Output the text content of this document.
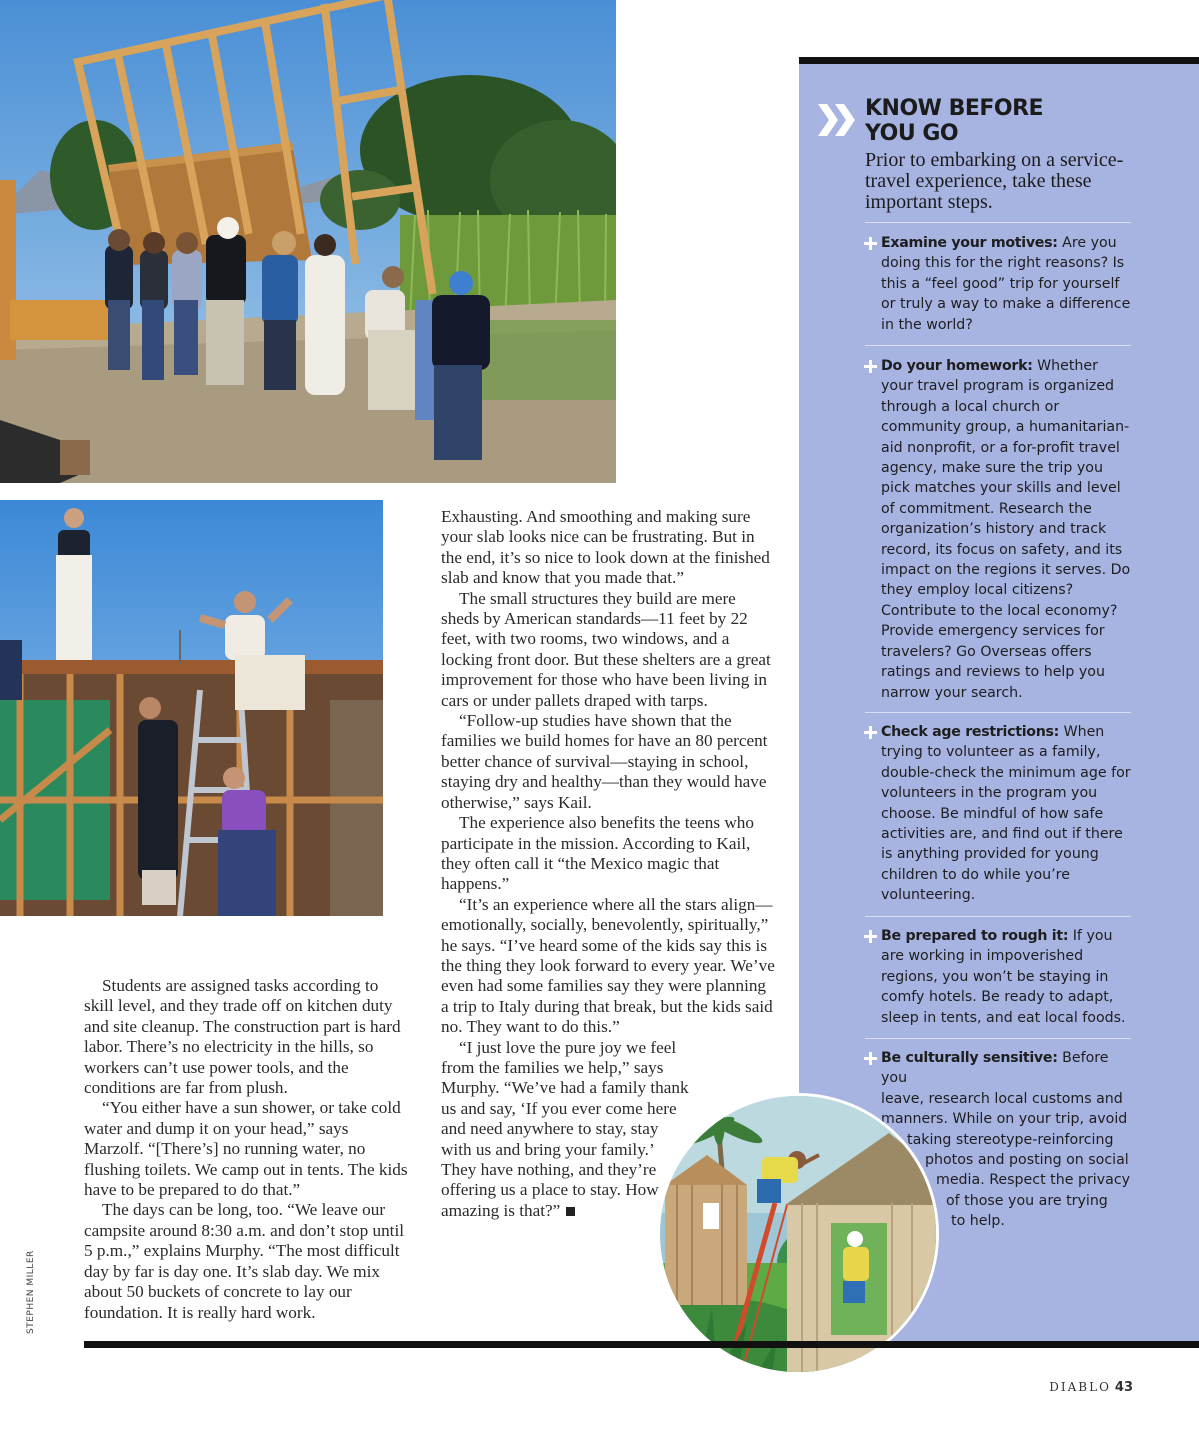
Students are assigned tasks according to skill level, and they trade off on kitchen duty and site cleanup. The construction part is hard labor. There’s no electricity in the hills, so workers can’t use power tools, and the conditions are far from plush.

“You either have a sun shower, or take cold water and dump it on your head,” says Marzolf. “[There’s] no running water, no flushing toilets. We camp out in tents. The kids have to be prepared to do that.”

The days can be long, too. “We leave our campsite around 8:30 a.m. and don’t stop until 5 p.m.,” explains Murphy. “The most difficult day by far is day one. It’s slab day. We mix about 50 buckets of concrete to lay our foundation. It is really hard work.

Exhausting. And smoothing and making sure your slab looks nice can be frustrating. But in the end, it’s so nice to look down at the finished slab and know that you made that.”

The small structures they build are mere sheds by American standards—11 feet by 22 feet, with two rooms, two windows, and a locking front door. But these shelters are a great improvement for those who have been living in cars or under pallets draped with tarps.

“Follow-up studies have shown that the families we build homes for have an 80 percent better chance of survival—staying in school, staying dry and healthy—than they would have otherwise,” says Kail.

The experience also benefits the teens who participate in the mission. According to Kail, they often call it “the Mexico magic that happens.”

“It’s an experience where all the stars align—emotionally, socially, benevolently, spiritually,” he says. “I’ve heard some of the kids say this is the thing they look forward to every year. We’ve even had some families say they were planning a trip to Italy during that break, but the kids said no. They want to do this.”

“I just love the pure joy we feel from the families we help,” says Murphy. “We’ve had a family thank us and say, ‘If you ever come here and need anywhere to stay, stay with us and bring your family.’ They have nothing, and they’re offering us a place to stay. How amazing is that?”

KNOW BEFORE
YOU GO
Prior to embarking on a service-travel experience, take these important steps.
Examine your motives: Are you doing this for the right reasons? Is this a “feel good” trip for yourself or truly a way to make a difference in the world?
Do your homework: Whether your travel program is organized through a local church or community group, a humanitarian-aid nonprofit, or a for-profit travel agency, make sure the trip you pick matches your skills and level of commitment. Research the organization’s history and track record, its focus on safety, and its impact on the regions it serves. Do they employ local citizens? Contribute to the local economy? Provide emergency services for travelers? Go Overseas offers ratings and reviews to help you narrow your search.
Check age restrictions: When trying to volunteer as a family, double-check the minimum age for volunteers in the program you choose. Be mindful of how safe activities are, and find out if there is anything provided for young children to do while you’re volunteering.
Be prepared to rough it: If you are working in impoverished regions, you won’t be staying in comfy hotels. Be ready to adapt, sleep in tents, and eat local foods.
Be culturally sensitive: Before you
leave, research local customs and
manners. While on your trip, avoid
taking stereotype-reinforcing
photos and posting on social
media. Respect the privacy
of those you are trying
to help.
STEPHEN MILLER
DIABLO 43
